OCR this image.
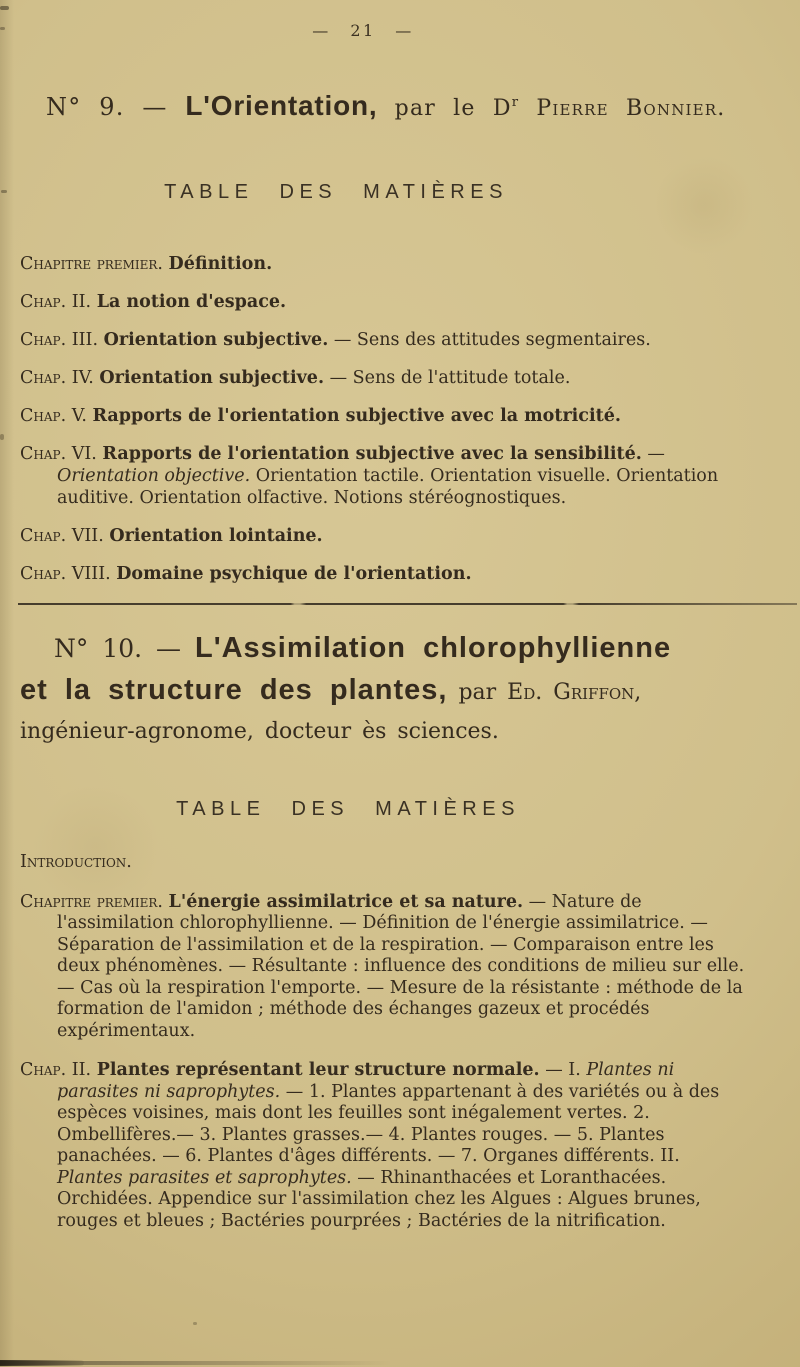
— 21 —
N° 9. — L'Orientation, par le $D^r$ Pierre Bonnier.
TABLE DES MATIÈRES

Chapitre premier. Définition.

Chap. II. La notion d'espace.

Chap. III. Orientation subjective. — Sens des attitudes segmentaires.

Chap. IV. Orientation subjective. — Sens de l'attitude totale.

Chap. V. Rapports de l'orientation subjective avec la motricité.

Chap. VI. Rapports de l'orientation subjective avec la sensibilité. — Orientation objective. Orientation tactile. Orientation visuelle. Orientation auditive. Orientation olfactive. Notions stéréognostiques.

Chap. VII. Orientation lointaine.

Chap. VIII. Domaine psychique de l'orientation.

N° 10. — L'Assimilation chlorophyllienne
et la structure des plantes, par Ed. Griffon,
ingénieur-agronome, docteur ès sciences.
TABLE DES MATIÈRES

Introduction.

Chapitre premier. L'énergie assimilatrice et sa nature. — Nature de l'assimilation chlorophyllienne. — Définition de l'énergie assimilatrice. — Séparation de l'assimilation et de la respiration. — Comparaison entre les deux phénomènes. — Résultante : influence des conditions de milieu sur elle. — Cas où la respiration l'emporte. — Mesure de la résistante : méthode de la formation de l'amidon ; méthode des échanges gazeux et procédés expérimentaux.

Chap. II. Plantes représentant leur structure normale. — I. Plantes ni parasites ni saprophytes. — 1. Plantes appartenant à des variétés ou à des espèces voisines, mais dont les feuilles sont inégalement vertes. 2. Ombellifères.— 3. Plantes grasses.— 4. Plantes rouges. — 5. Plantes panachées. — 6. Plantes d'âges différents. — 7. Organes différents. II. Plantes parasites et saprophytes. — Rhinanthacées et Loranthacées. Orchidées. Appendice sur l'assimilation chez les Algues : Algues brunes, rouges et bleues ; Bactéries pourprées ; Bactéries de la nitrification.
